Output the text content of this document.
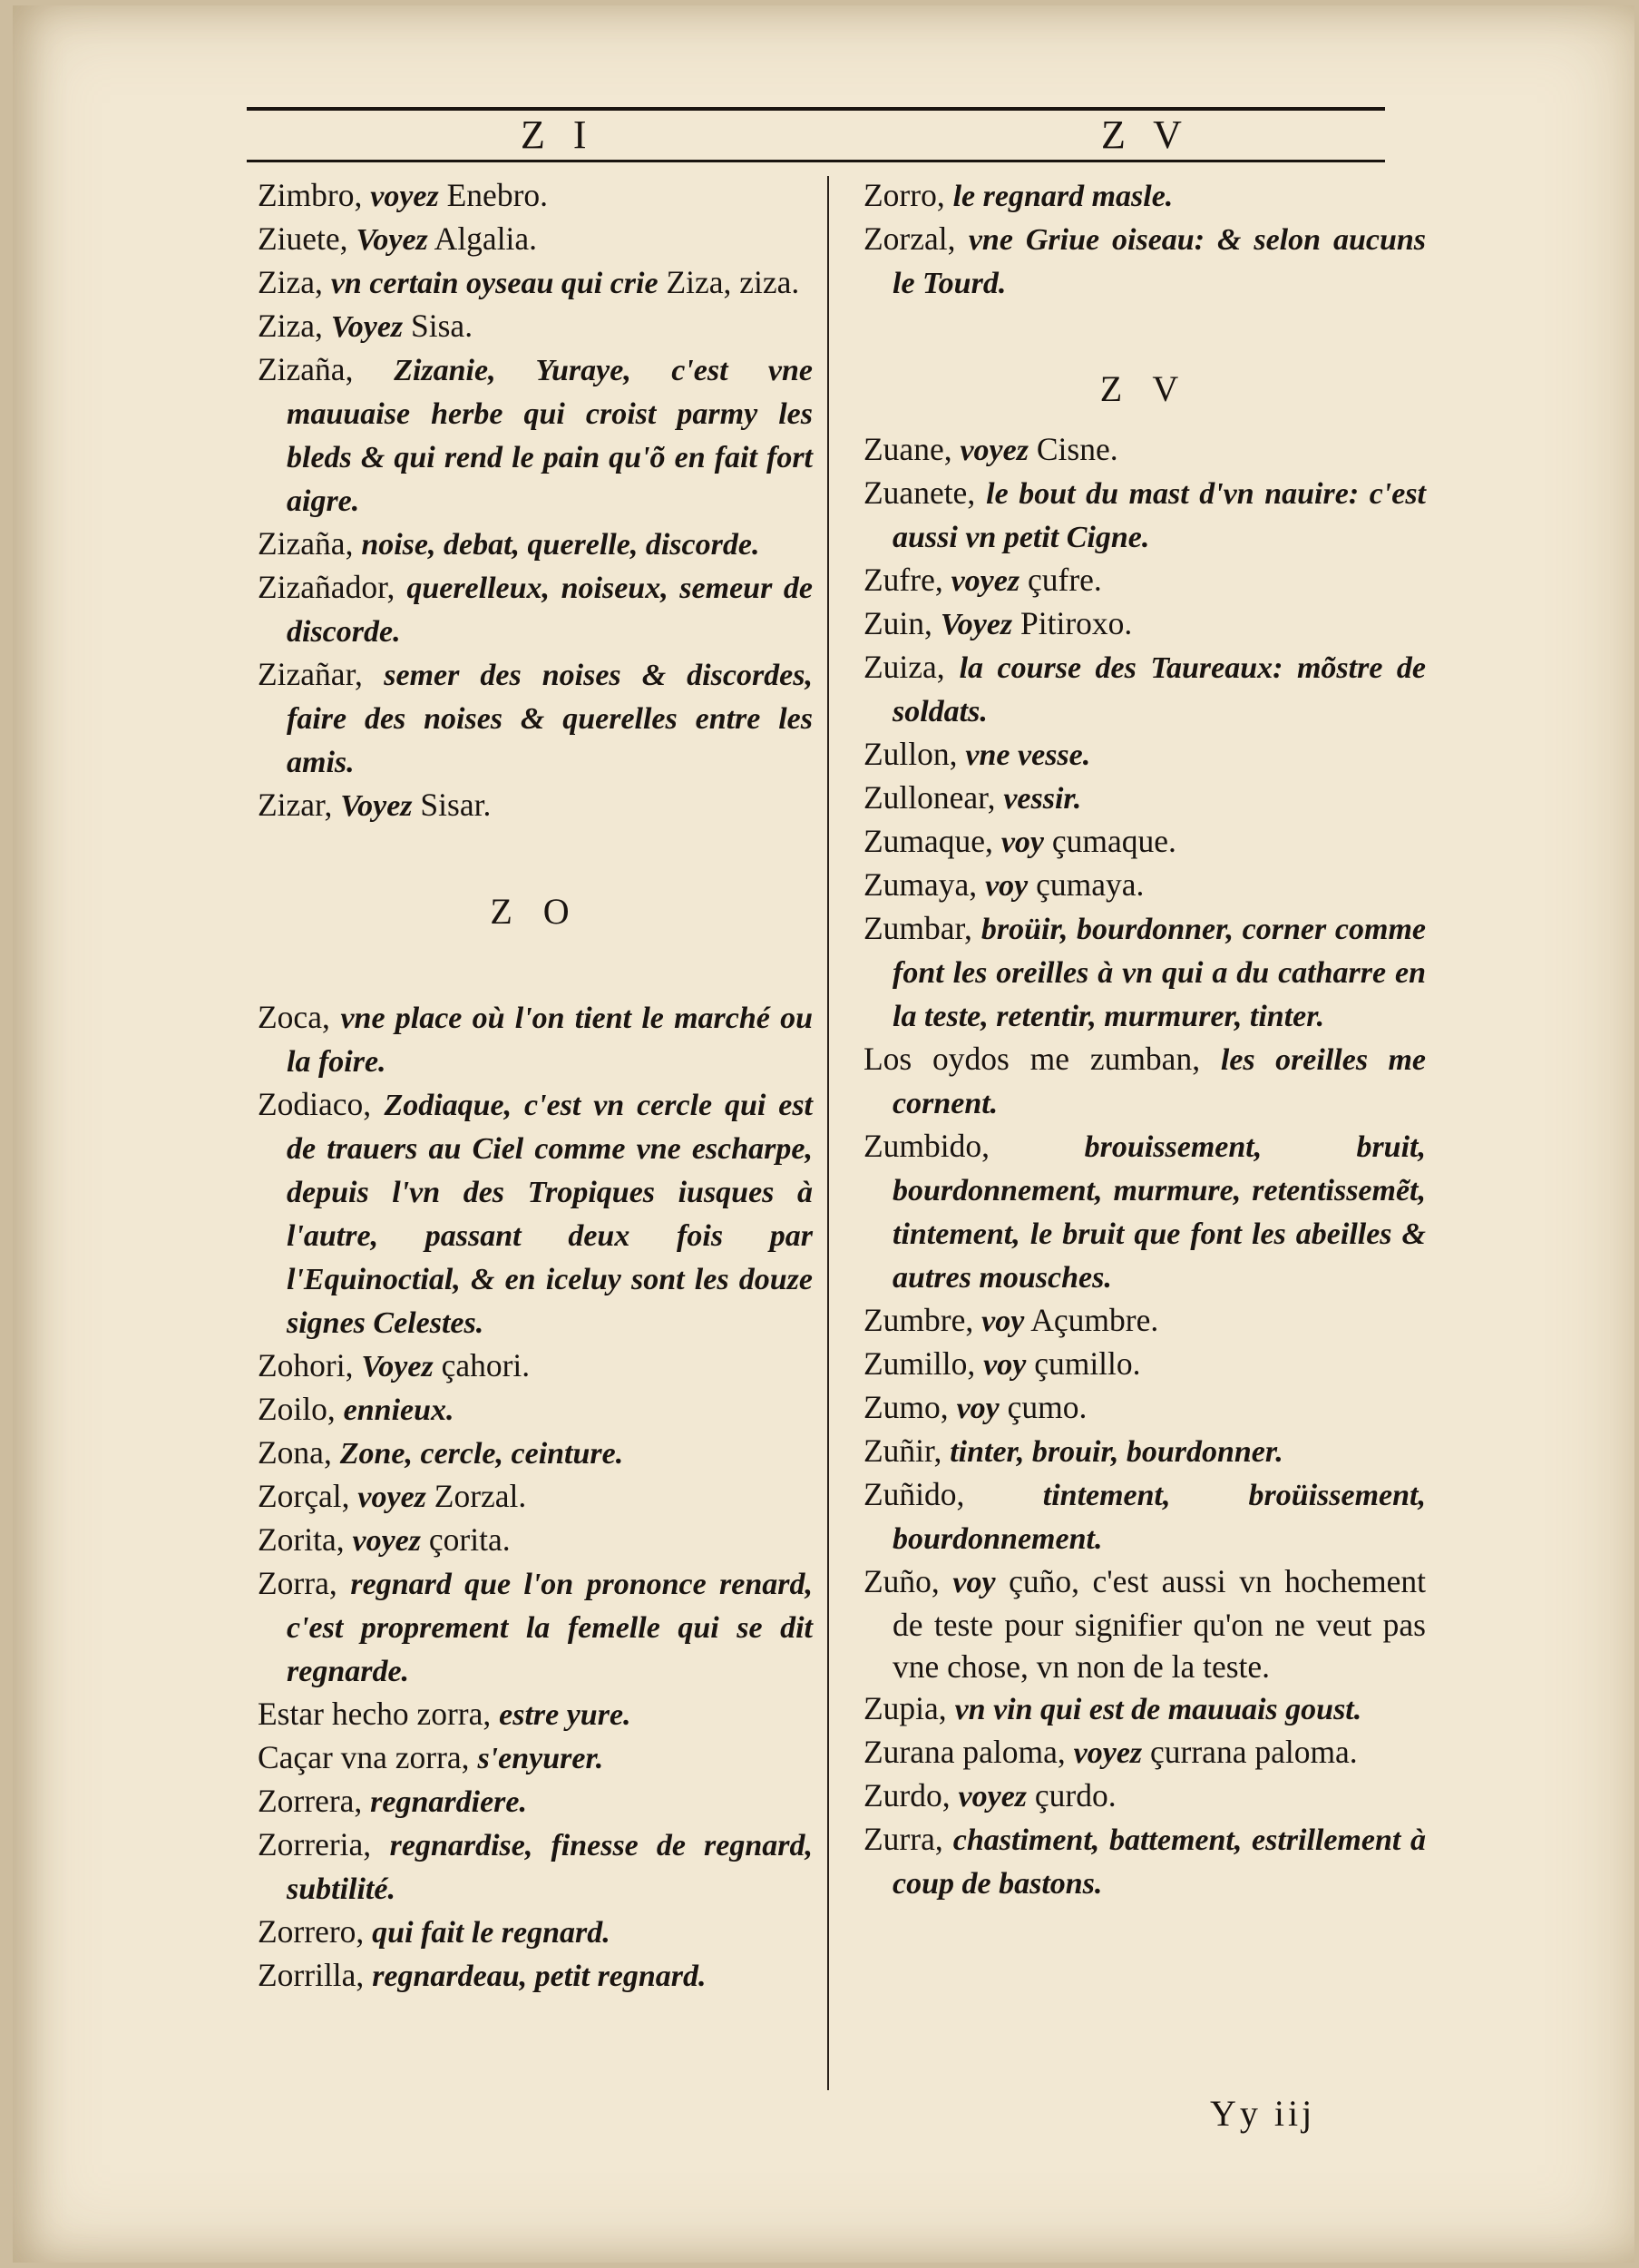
Z I	Z V
Zimbro, voyez Enebro.
Ziuete, Voyez Algalia.
Ziza, vn certain oyseau qui crie Ziza, ziza.
Ziza, Voyez Sisa.
Zizaña, Zizanie, Yuraye, c'est vne mauuaise herbe qui croist parmy les bleds & qui rend le pain qu'õ en fait fort aigre.
Zizaña, noise, debat, querelle, discorde.
Zizañador, querelleux, noiseux, semeur de discorde.
Zizañar, semer des noises & discordes, faire des noises & querelles entre les amis.
Zizar, Voyez Sisar.
Z O
Zoca, vne place où l'on tient le marché ou la foire.
Zodiaco, Zodiaque, c'est vn cercle qui est de trauers au Ciel comme vne escharpe, depuis l'vn des Tropiques iusques à l'autre, passant deux fois par l'Equinoctial, & en iceluy sont les douze signes Celestes.
Zohori, Voyez çahori.
Zoilo, ennieux.
Zona, Zone, cercle, ceinture.
Zorçal, voyez Zorzal.
Zorita, voyez çorita.
Zorra, regnard que l'on prononce renard, c'est proprement la femelle qui se dit regnarde.
Estar hecho zorra, estre yure.
Caçar vna zorra, s'enyurer.
Zorrera, regnardiere.
Zorreria, regnardise, finesse de regnard, subtilité.
Zorrero, qui fait le regnard.
Zorrilla, regnardeau, petit regnard.
Zorro, le regnard masle.
Zorzal, vne Griue oiseau: & selon aucuns le Tourd.
Z V
Zuane, voyez Cisne.
Zuanete, le bout du mast d'vn nauire: c'est aussi vn petit Cigne.
Zufre, voyez çufre.
Zuin, Voyez Pitiroxo.
Zuiza, la course des Taureaux: mõstre de soldats.
Zullon, vne vesse.
Zullonear, vessir.
Zumaque, voy çumaque.
Zumaya, voy çumaya.
Zumbar, broüir, bourdonner, corner comme font les oreilles à vn qui a du catharre en la teste, retentir, murmurer, tinter.
Los oydos me zumban, les oreilles me cornent.
Zumbido, brouissement, bruit, bourdonnement, murmure, retentissemẽt, tintement, le bruit que font les abeilles & autres mousches.
Zumbre, voy Açumbre.
Zumillo, voy çumillo.
Zumo, voy çumo.
Zuñir, tinter, brouir, bourdonner.
Zuñido, tintement, broüissement, bourdonnement.
Zuño, voy çuño, c'est aussi vn hochement de teste pour signifier qu'on ne veut pas vne chose, vn non de la teste.
Zupia, vn vin qui est de mauuais goust.
Zurana paloma, voyez çurrana paloma.
Zurdo, voyez çurdo.
Zurra, chastiment, battement, estrillement à coup de bastons.
Yy iij
